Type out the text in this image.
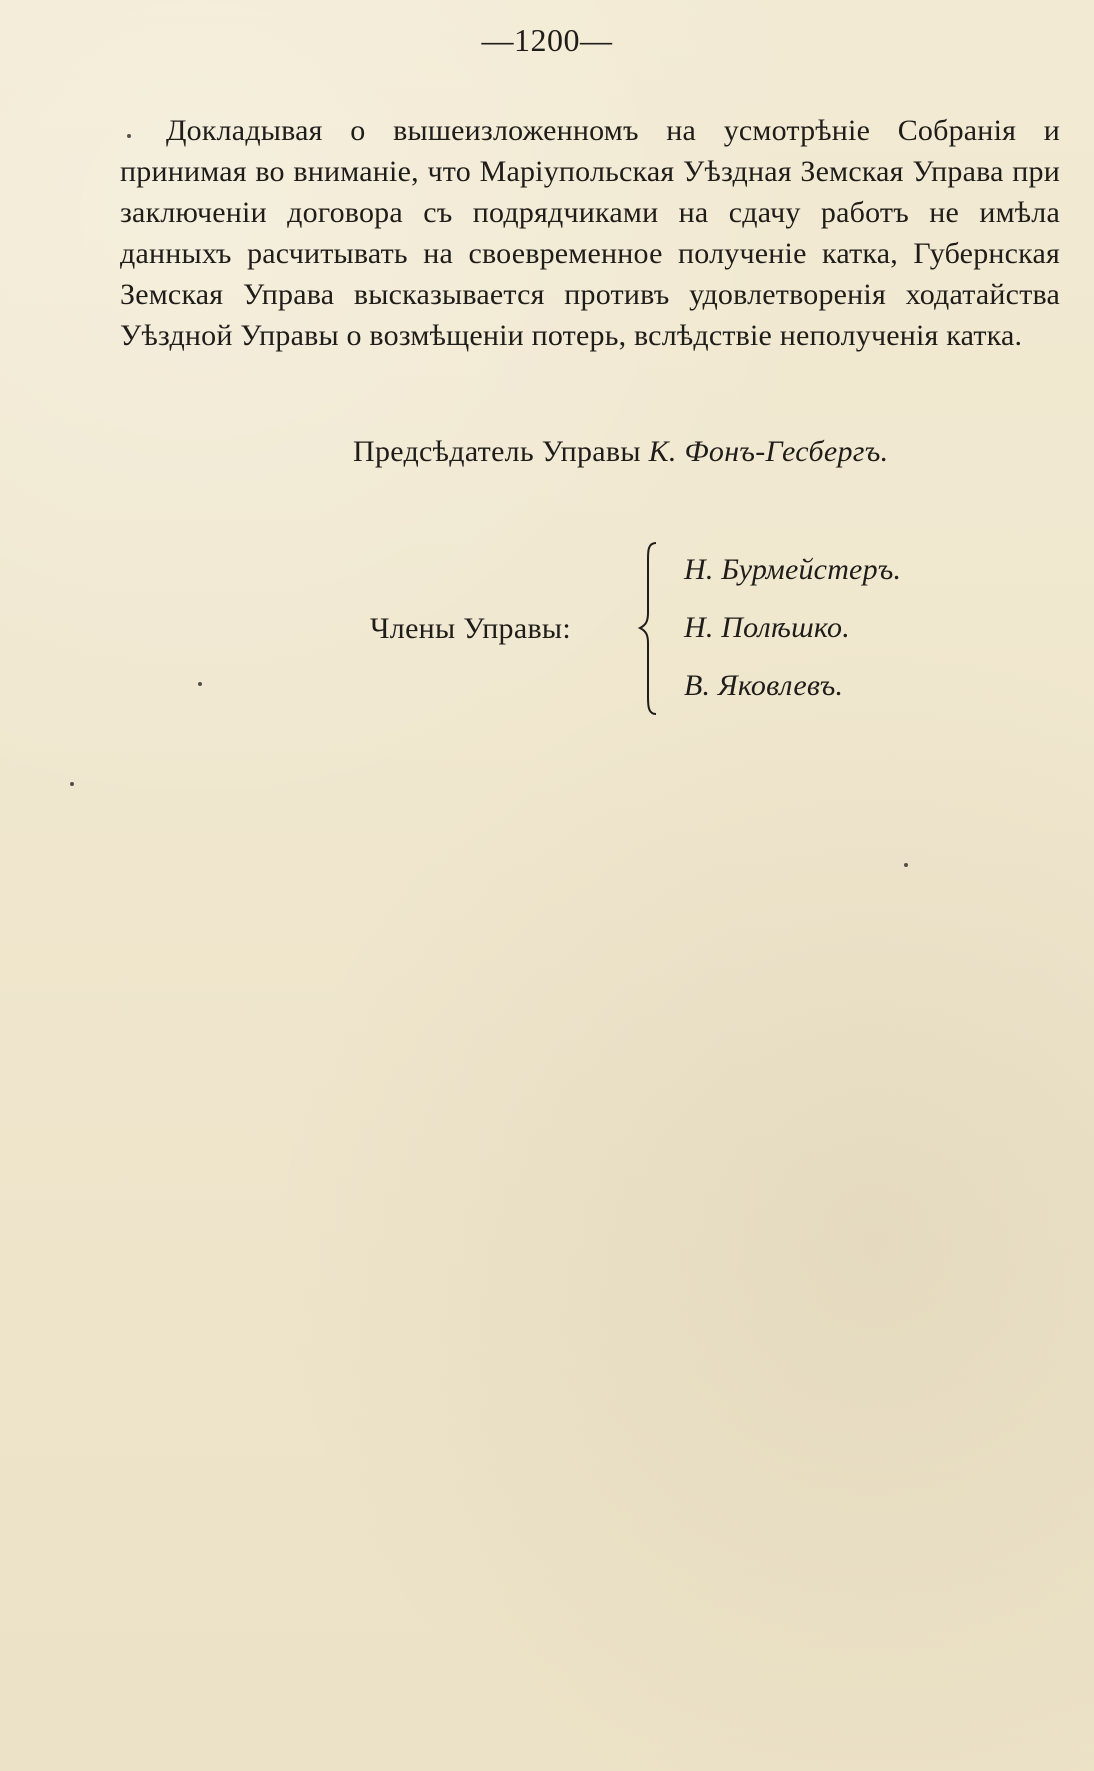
—1200—

Докладывая о вышеизложенномъ на усмотрѣніе Собранія и принимая во вниманіе, что Маріупольская Уѣздная Земская Управа при заключеніи договора съ подрядчиками на сдачу работъ не имѣла данныхъ расчитывать на своевременное полученіе катка, Губернская Земская Управа высказывается противъ удовлетворенія ходатайства Уѣздной Управы о возмѣщеніи потерь, вслѣдствіе неполученія катка.

Предсѣдатель Управы К. Фонъ-Гесбергъ.
Члены Управы:
Н. Бурмейстеръ.
Н. Полѣшко.
В. Яковлевъ.
